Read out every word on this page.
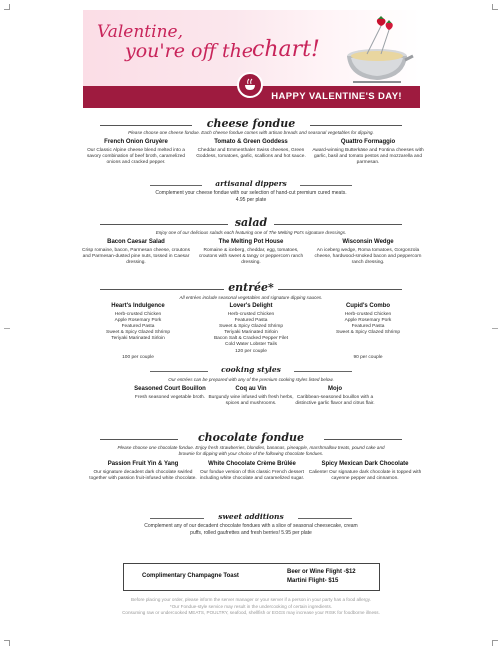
Valentine,
you're off the
chart!
HAPPY VALENTINE'S DAY!
cheese fondue
Please choose one cheese fondue. Each cheese fondue comes with artisan breads and seasonal vegetables for dipping.
French Onion Gruyère
Our Classic Alpine cheese blend melted into a savory combination of beef broth, caramelized onions and cracked pepper.
Tomato & Green Goddess
Cheddar and Emmenthaler Swiss cheeses, Green Goddess, tomatoes, garlic, scallions and hot sauce.
Quattro Formaggio
Award-winning Butterkäse and Fontina cheeses with garlic, basil and tomato pestos and mozzarella and parmesan.
artisanal dippers
Complement your cheese fondue with our selection of hand-cut premium cured meats. 4.95 per plate
salad
Enjoy one of our delicious salads each featuring one of The Melting Pot's signature dressings.
Bacon Caesar Salad
Crisp romaine, bacon, Parmesan cheese, croutons and Parmesan-dusted pine nuts, tossed in Caesar dressing.
The Melting Pot House
Romaine & iceberg, cheddar, egg, tomatoes, croutons with sweet & tangy or peppercorn ranch dressing.
Wisconsin Wedge
An iceberg wedge, Roma tomatoes, Gorgonzola cheese, hardwood-smoked bacon and peppercorn ranch dressing.
entrée*
All entrées include seasonal vegetables and signature dipping sauces.
Heart's Indulgence
Herb-crusted Chicken
Apple Rosemary Pork
Featured Pasta
Sweet & Spicy Glazed Shrimp
Teriyaki Marinated Sirloin
100 per couple
Lover's Delight
Herb-crusted Chicken
Featured Pasta
Sweet & Spicy Glazed Shrimp
Teriyaki Marinated Sirloin
Bacon Salt & Cracked Pepper Filet
Cold Water Lobster Tails
120 per couple
Cupid's Combo
Herb-crusted Chicken
Apple Rosemary Pork
Featured Pasta
Sweet & Spicy Glazed Shrimp
90 per couple
cooking styles
Our entrées can be prepared with any of the premium cooking styles listed below.
Seasoned Court Bouillon
Fresh seasoned vegetable broth.
Coq au Vin
Burgundy wine infused with fresh herbs, spices and mushrooms.
Mojo
Caribbean-seasoned bouillon with a distinctive garlic flavor and citrus flair.
chocolate fondue
Please choose one chocolate fondue. Enjoy fresh strawberries, blondies, bananas, pineapple, marshmallow treats, pound cake and brownie for dipping with your choice of the following chocolate fondues.
Passion Fruit Yin & Yang
Our signature decadent dark chocolate swirled together with passion fruit-infused white chocolate.
White Chocolate Crème Brûlée
Our fondue version of this classic French dessert including white chocolate and caramelized sugar.
Spicy Mexican Dark Chocolate
Caliente! Our signature dark chocolate is topped with cayenne pepper and cinnamon.
sweet additions
Complement any of our decadent chocolate fondues with a slice of seasonal cheesecake, cream puffs, rolled gaufrettes and fresh berries! 5.95 per plate
Complimentary Champagne Toast
Beer or Wine Flight -$12
Martini Flight- $15
Before placing your order, please inform the server manager or your server if a person in your party has a food allergy.
*Our Fondue-style service may result in the undercooking of certain ingredients.
Consuming raw or undercooked MEATS, POULTRY, seafood, shellfish or EGGS may increase your RISK for foodborne illness.
